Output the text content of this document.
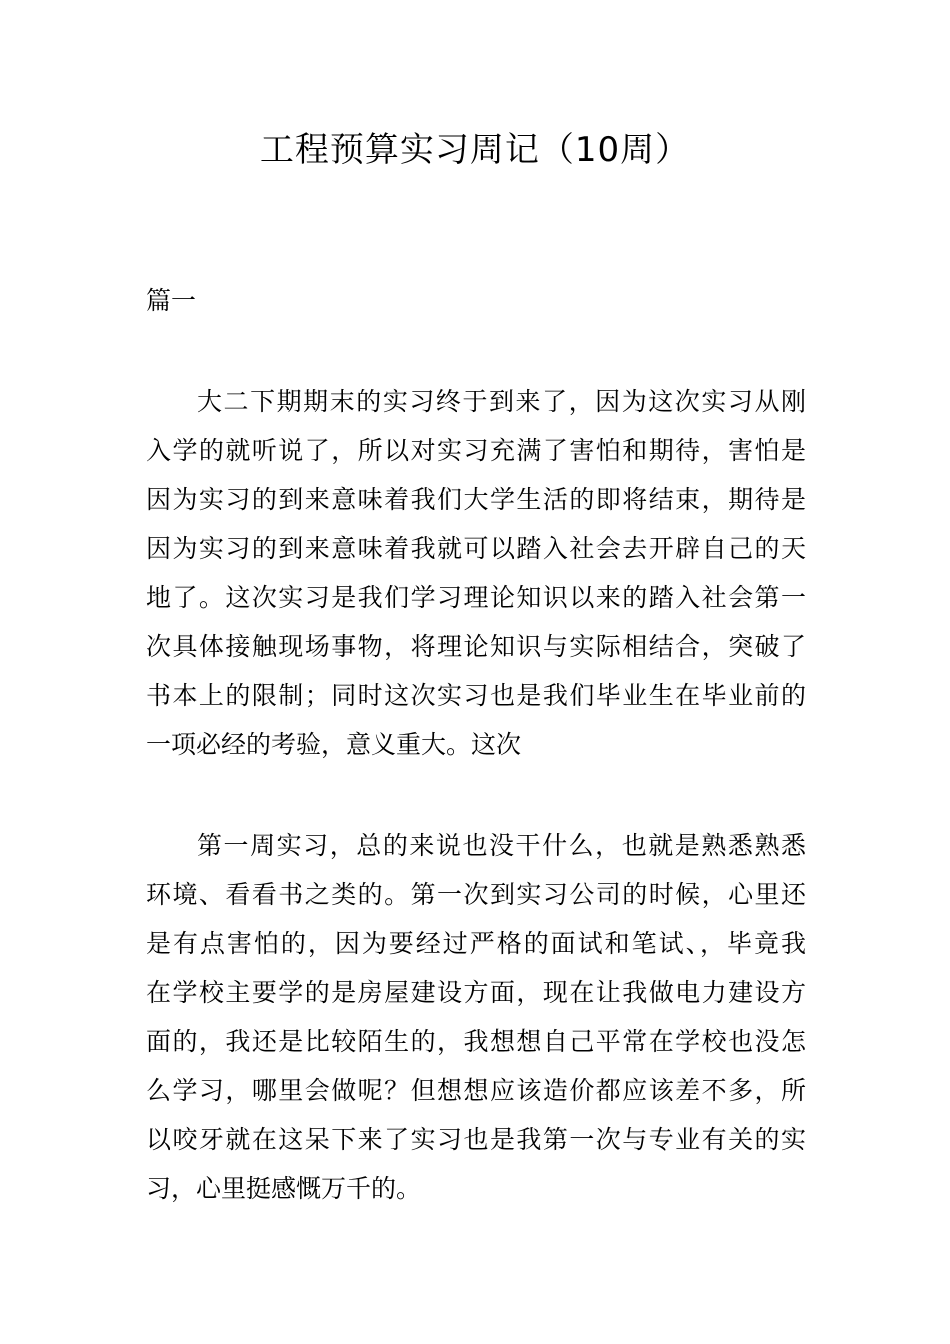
工程预算实习周记（10周）
篇一
大二下期期末的实习终于到来了，因为这次实习从刚
入学的就听说了，所以对实习充满了害怕和期待，害怕是
因为实习的到来意味着我们大学生活的即将结束，期待是
因为实习的到来意味着我就可以踏入社会去开辟自己的天
地了。这次实习是我们学习理论知识以来的踏入社会第一
次具体接触现场事物，将理论知识与实际相结合，突破了
书本上的限制；同时这次实习也是我们毕业生在毕业前的
一项必经的考验，意义重大。这次
第一周实习，总的来说也没干什么，也就是熟悉熟悉
环境、看看书之类的。第一次到实习公司的时候，心里还
是有点害怕的，因为要经过严格的面试和笔试、，毕竟我
在学校主要学的是房屋建设方面，现在让我做电力建设方
面的，我还是比较陌生的，我想想自己平常在学校也没怎
么学习，哪里会做呢？但想想应该造价都应该差不多，所
以咬牙就在这呆下来了实习也是我第一次与专业有关的实
习，心里挺感慨万千的。
